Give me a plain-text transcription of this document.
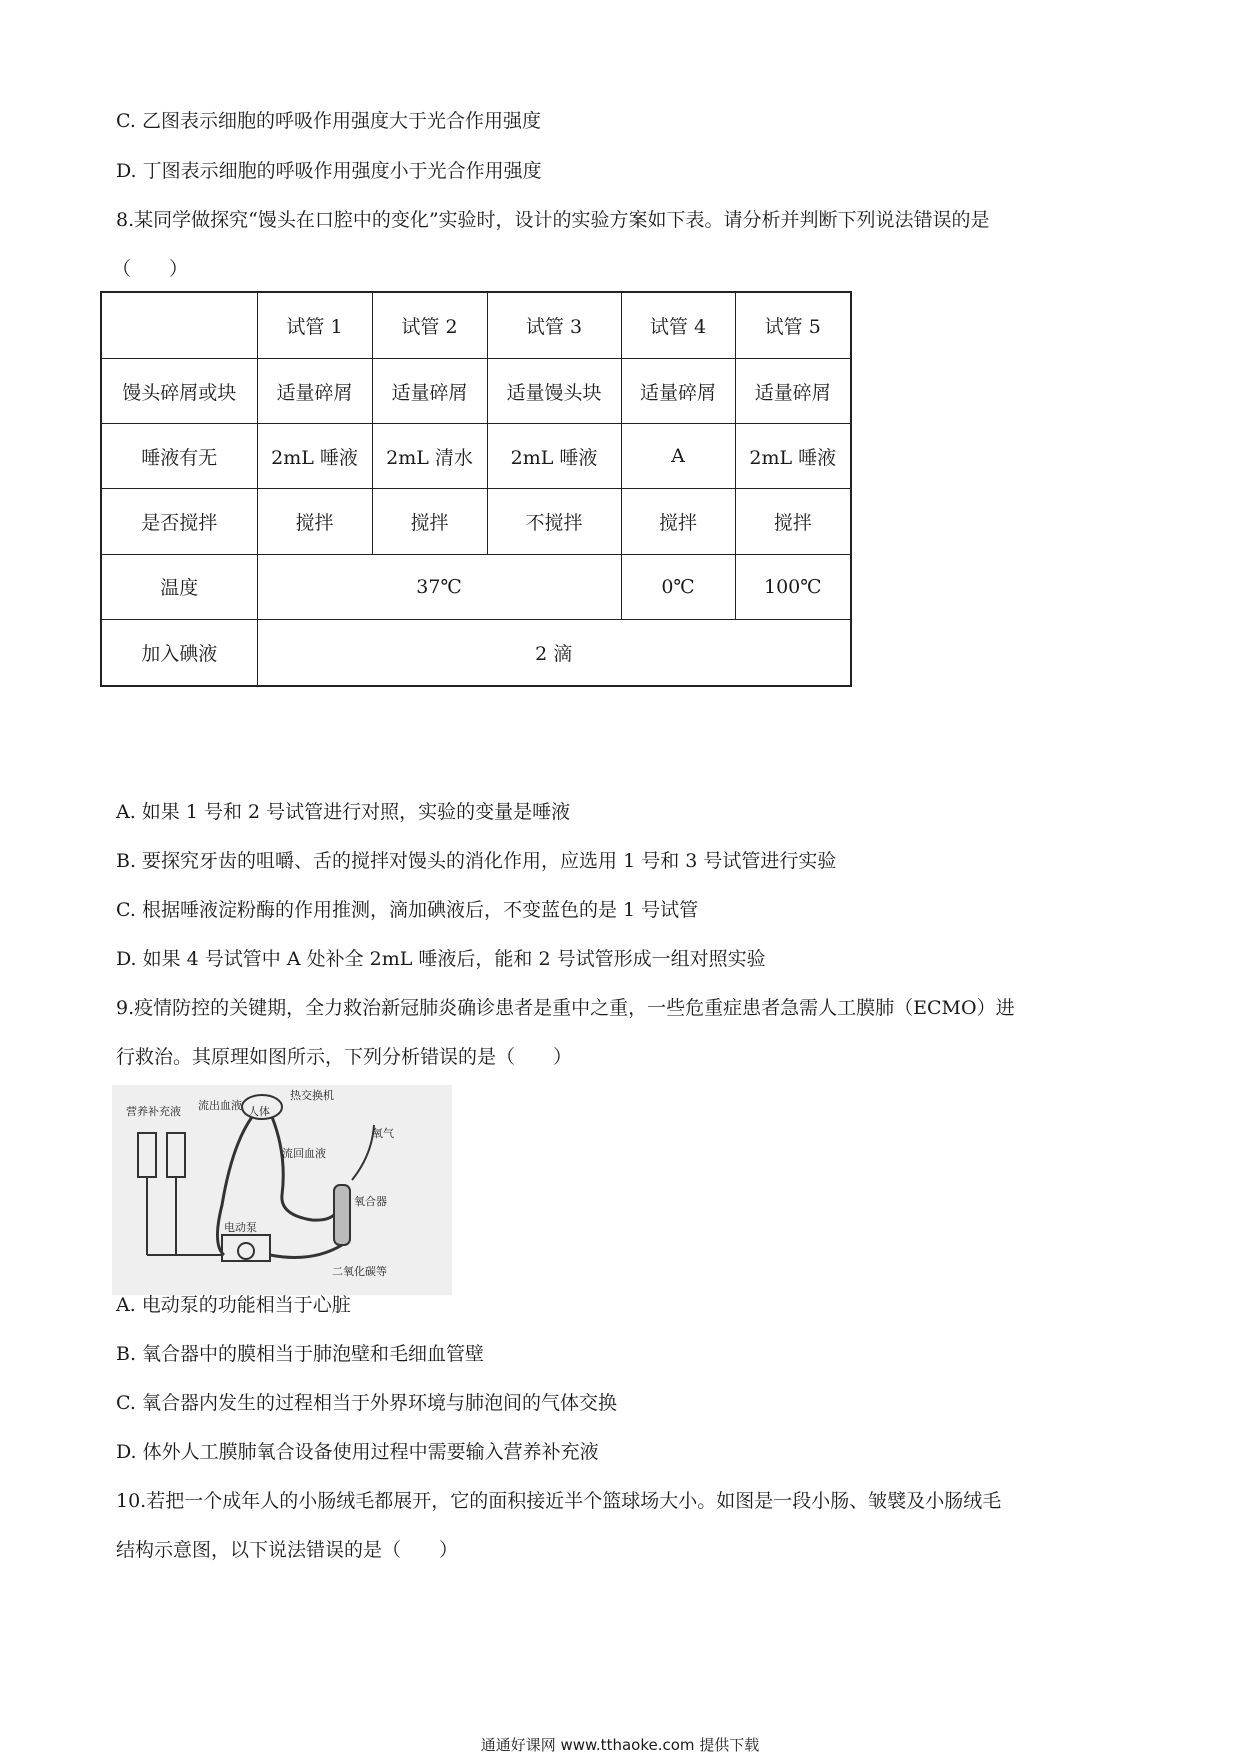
C. 乙图表示细胞的呼吸作用强度大于光合作用强度
D. 丁图表示细胞的呼吸作用强度小于光合作用强度
8.某同学做探究“馒头在口腔中的变化”实验时，设计的实验方案如下表。请分析并判断下列说法错误的是
（　　）
	试管 1	试管 2	试管 3	试管 4	试管 5
馒头碎屑或块	适量碎屑	适量碎屑	适量馒头块	适量碎屑	适量碎屑
唾液有无	2mL 唾液	2mL 清水	2mL 唾液	A	2mL 唾液
是否搅拌	搅拌	搅拌	不搅拌	搅拌	搅拌
温度	37℃			0℃	100℃
加入碘液	2 滴				
A. 如果 1 号和 2 号试管进行对照，实验的变量是唾液
B. 要探究牙齿的咀嚼、舌的搅拌对馒头的消化作用，应选用 1 号和 3 号试管进行实验
C. 根据唾液淀粉酶的作用推测，滴加碘液后，不变蓝色的是 1 号试管
D. 如果 4 号试管中 A 处补全 2mL 唾液后，能和 2 号试管形成一组对照实验
9.疫情防控的关键期，全力救治新冠肺炎确诊患者是重中之重，一些危重症患者急需人工膜肺（ECMO）进
行救治。其原理如图所示，下列分析错误的是（　　）
营养补充液 流出血液 人体
热交换机
流回血液
氧气
氧合器
电动泵
二氧化碳等
A. 电动泵的功能相当于心脏
B. 氧合器中的膜相当于肺泡壁和毛细血管壁
C. 氧合器内发生的过程相当于外界环境与肺泡间的气体交换
D. 体外人工膜肺氧合设备使用过程中需要输入营养补充液
10.若把一个成年人的小肠绒毛都展开，它的面积接近半个篮球场大小。如图是一段小肠、皱襞及小肠绒毛
结构示意图，以下说法错误的是（　　）
通通好课网 www.tthaoke.com 提供下载
